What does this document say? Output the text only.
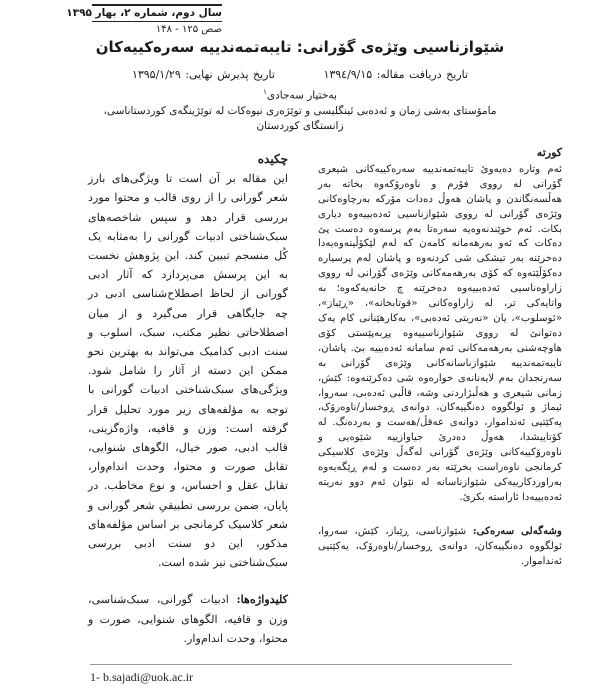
سال دوم، شماره ۲، بهار ۱۳۹۵
صص ۱۲۵ - ۱۴۸
شێوازناسیی وێژەی گۆرانی: تایبەتمەندییە سەرەکییەکان
تاریخ دریافت مقاله: ۱۳۹٤/۹/۱۵ تاریخ پذیرش نهایی: ۱۳۹۵/۱/۲۹
بەختیار سەجادی$^۱$
مامۆستای بەشی زمان و ئەدەبی ئینگلیسی و توێژەری نیوەکات لە توێژینگەی کوردستاناسی،
زانستگای کوردستان
کورتە

ئەم وتارە دەیەوێ تایبەتمەندییە سەرەکییەکانی شیعری گۆرانی لە رووی فۆرم و ناوەرۆکەوە بخاتە بەر هەڵسەنگاندن و پاشان هەوڵ دەدات مۆرکە بەرچاوەکانی وێژەی گۆرانی لە رووی شێوازناسیی ئەدەبییەوە دیاری بکات. ئەم خوێندنەوەیە سەرەتا بەم پرسەوە دەست پێ دەکات کە ئەو بەرهەمانە کامەن کە لەم لێکۆڵینەوەیەدا دەخرێنە بەر تیشکی شی کردنەوە و پاشان لەم پرسیارە دەکۆڵێتەوە کە کۆی بەرهەمەکانی وێژەی گۆرانی لە رووی زاراوەناسیی ئەدەبییەوە دەخرێنە چ خانەیەکەوە؛ بە واتایەکی تر، لە زاراوەکانی «قوتابخانە»، «ڕێباز»، «ئوسلوب»، یان «نەریتی ئەدەبی»، بەکارهێنانی کام یەک دەتوانێ لە رووی شێوازناسییەوە پڕبەپێستی کۆی هاوچەشنی بەرهەمەکانی ئەم سامانە ئەدەبییە بێ. پاشان، تایبەتمەندییە شێوازناسانەکانی وێژەی گۆرانی بە سەرنجدان بەم لایەنانەی خوارەوە شی دەکرێنەوە: کێش، زمانی شیعری و هەڵبژاردنی وشە، قاڵبی ئەدەبی، سەروا، ئیماژ و ئولگووە دەنگییەکان، دوانەی ڕوخسار/ناوەرۆک، یەکێتیی ئەنداموار، دوانەی عەقڵ/هەست و بەردەنگ. لە کۆتاییشدا، هەوڵ دەدرێ جیاوازییە شێوەیی و ناوەرۆکییەکانی وێژەی گۆرانی لەگەڵ وێژەی کلاسیکی کرمانجی ناوەراست بخرێتە بەر دەست و لەم ڕێگەیەوە بەراوردکارییەکی شێوازناسانە لە نێوان ئەم دوو نەریتە ئەدەبییەدا ئاراستە بکرێ.

وشەگەلی سەرەکی: شێوازناسی، ڕێباز، کێش، سەروا، ئولگووە دەنگییەکان، دوانەی ڕوخسار/ناوەرۆک، یەکێتیی ئەنداموار.

چکیده

این مقاله بر آن است تا ویژگی‌های بارز شعر گورانی را از روی قالب و محتوا مورد بررسی قرار دهد و سپس شاخصه‌های سبک‌شناختی ادبیات گورانی را به‌مثابه یک کُل منسجم تبیین کند. این پژوهش نخست به این پرسش می‌پردازد که آثار ادبی گورانی از لحاظ اصطلاح‌شناسی ادبی در چه جایگاهی قرار می‌گیرد و از میان اصطلاحاتی نظیر مکتب، سبک، اسلوب و سنت ادبی کدامیک می‌تواند به بهترین نحو ممکن این دسته از آثار را شامل شود. ویژگی‌های سبک‌شناختی ادبیات گورانی با توجه به مؤلفه‌های زیر مورد تحلیل قرار گرفته است: وزن و قافیه، واژه‌گزینی، قالب ادبی، صور خیال، الگوهای شنوایی، تقابل صورت و محتوا، وحدت اندام‌وار، تقابل عقل و احساس، و نوع مخاطب. در پایان، ضمن بررسی تطبیقیِ شعر گورانی و شعر کلاسیک کرمانجی بر اساس مؤلفه‌های مذکور، این دو سنت ادبی بررسی سبک‌شناختی نیز شده است.

کلیدواژه‌ها: ادبیات گورانی، سبک‌شناسی، وزن و قافیه، الگوهای شنوایی، صورت و محتوا، وحدت اندام‌وار.

1- b.sajadi@uok.ac.ir
